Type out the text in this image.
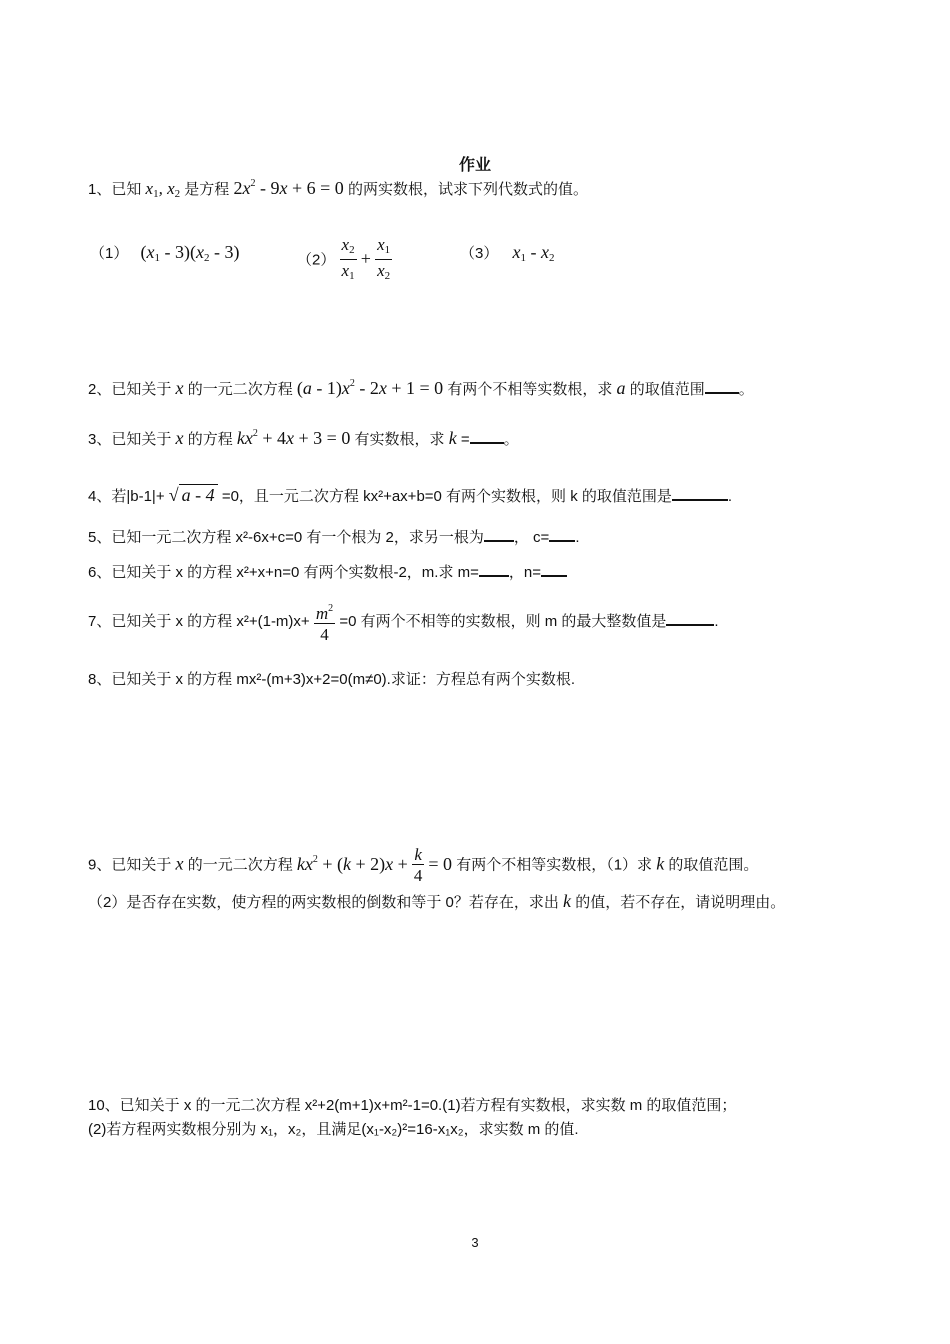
作业
1、已知 $x_1$, $x_2$ 是方程 $2x^2 - 9x + 6 = 0$ 的两实数根，试求下列代数式的值。
（1） $(x_1 - 3)(x_2 - 3)$	$(2) \frac{x_2}{x_1} + \frac{x_1}{x_2}$	（3） $x_1 - x_2$
2、已知关于 x 的一元二次方程 $(a - 1)x^2 - 2x + 1 = 0$ 有两个不相等实数根，求 a 的取值范围 。
3、已知关于 x 的方程 $kx^2 + 4x + 3 = 0$ 有实数根，求 k = 。
4、若|b-1|+ √ a - 4 =0，且一元二次方程 kx²+ax+b=0 有两个实数根，则 k 的取值范围是	.
5、已知一元二次方程 x²-6x+c=0 有一个根为 2，求另一根为 ， c= .
6、已知关于 x 的方程 x²+x+n=0 有两个实数根-2，m.求 m= ，n=
7、已知关于 x 的方程 $x^2+(1-m)x+ \frac{m^2}{4} =0$ 有两个不相等的实数根，则 m 的最大整数值是	.
8、已知关于 x 的方程 mx²-(m+3)x+2=0(m≠0).求证：方程总有两个实数根.
9、已知关于 x 的一元二次方程 $kx^2 + (k + 2)x + \frac{k}{4} = 0$ 有两个不相等实数根，（1）求 k 的取值范围。
（2）是否存在实数，使方程的两实数根的倒数和等于 0？若存在，求出 k 的值，若不存在，请说明理由。
10、已知关于 x 的一元二次方程 x²+2(m+1)x+m²-1=0.(1)若方程有实数根，求实数 m 的取值范围；
(2)若方程两实数根分别为 x₁，x₂，且满足(x₁-x₂)²=16-x₁x₂，求实数 m 的值.
3
